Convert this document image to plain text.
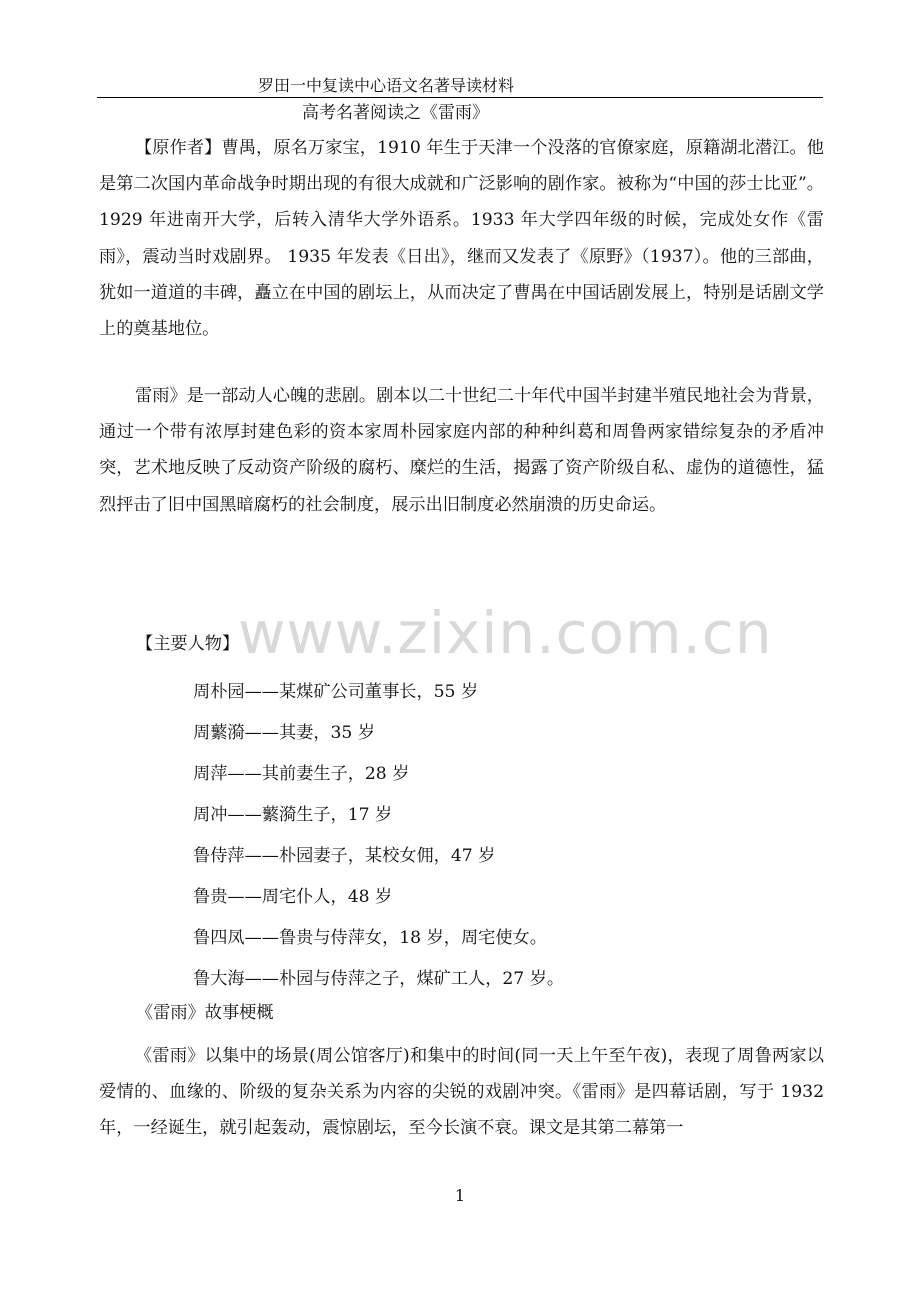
罗田一中复读中心语文名著导读材料
高考名著阅读之《雷雨》

【原作者】曹禺，原名万家宝，1910 年生于天津一个没落的官僚家庭，原籍湖北潜江。他是第二次国内革命战争时期出现的有很大成就和广泛影响的剧作家。被称为“中国的莎士比亚”。 1929 年进南开大学，后转入清华大学外语系。1933 年大学四年级的时候，完成处女作《雷雨》，震动当时戏剧界。 1935 年发表《日出》，继而又发表了《原野》（1937）。他的三部曲，犹如一道道的丰碑，矗立在中国的剧坛上，从而决定了曹禺在中国话剧发展上，特别是话剧文学上的奠基地位。

雷雨》是一部动人心魄的悲剧。剧本以二十世纪二十年代中国半封建半殖民地社会为背景，通过一个带有浓厚封建色彩的资本家周朴园家庭内部的种种纠葛和周鲁两家错综复杂的矛盾冲突，艺术地反映了反动资产阶级的腐朽、糜烂的生活，揭露了资产阶级自私、虚伪的道德性，猛烈抨击了旧中国黑暗腐朽的社会制度，展示出旧制度必然崩溃的历史命运。

www.zixin.com.cn
【主要人物】
周朴园——某煤矿公司董事长，55 岁
周蘩漪——其妻，35 岁
周萍——其前妻生子，28 岁
周冲——蘩漪生子，17 岁
鲁侍萍——朴园妻子，某校女佣，47 岁
鲁贵——周宅仆人，48 岁
鲁四凤——鲁贵与侍萍女，18 岁，周宅使女。
鲁大海——朴园与侍萍之子，煤矿工人，27 岁。
《雷雨》故事梗概

《雷雨》以集中的场景(周公馆客厅)和集中的时间(同一天上午至午夜)，表现了周鲁两家以爱情的、血缘的、阶级的复杂关系为内容的尖锐的戏剧冲突。《雷雨》是四幕话剧，写于 1932 年，一经诞生，就引起轰动，震惊剧坛，至今长演不衰。课文是其第二幕第一

1
